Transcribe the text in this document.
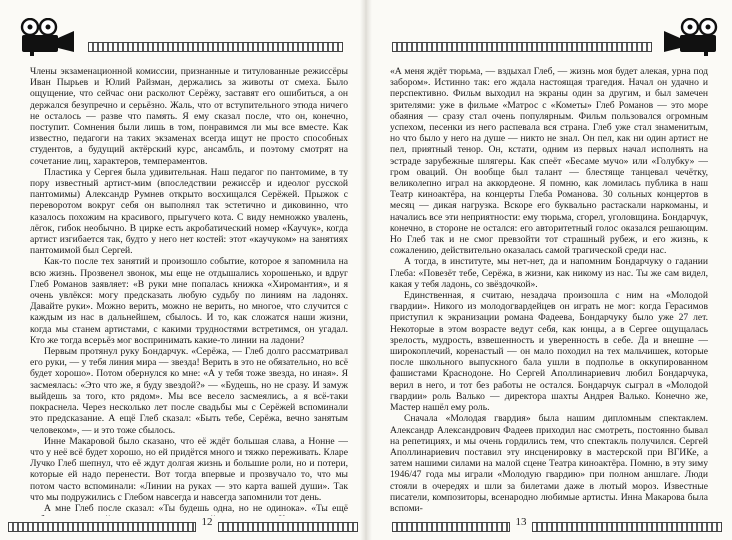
Члены экзаменационной комиссии, признанные и титулованные режиссёры Иван Пырьев и Юлий Райзман, держались за животы от смеха. Было ощущение, что сейчас они расколют Серёжу, заставят его ошибиться, а он держался безупречно и серьёзно. Жаль, что от вступительного этюда ничего не осталось — разве что память. Я ему сказал после, что он, конечно, поступит. Сомнения были лишь в том, понравимся ли мы все вместе. Как известно, педагоги на таких экзаменах всегда ищут не просто способных студентов, а будущий актёрский курс, ансамбль, и поэтому смотрят на сочетание лиц, характеров, темпераментов.

Пластика у Сергея была удивительная. Наш педагог по пантомиме, в ту пору известный артист-мим (впоследствии режиссёр и идеолог русской пантомимы) Александр Румнев открыто восхищался Серёжей. Прыжок с переворотом вокруг себя он выполнял так эстетично и диковинно, что казалось похожим на красивого, прыгучего кота. С виду немножко увалень, лёгок, гибок необычно. В цирке есть акробатический номер «Каучук», когда артист изгибается так, будто у него нет костей: этот «каучуком» на занятиях пантомимой был Сергей.

Как-то после тех занятий и произошло событие, которое я запомнила на всю жизнь. Прозвенел звонок, мы еще не отдышались хорошенько, и вдруг Глеб Романов заявляет: «В руки мне попалась книжка «Хиромантия», и я очень увлёкся: могу предсказать любую судьбу по линиям на ладонях. Давайте руки». Можно верить, можно не верить, но многое, что случится с каждым из нас в дальнейшем, сбылось. И то, как сложатся наши жизни, когда мы станем артистами, с какими трудностями встретимся, он угадал. Кто же тогда всерьёз мог воспринимать какие-то линии на ладони?

Первым протянул руку Бондарчук. «Серёжа, — Глеб долго рассматривал его руки, — у тебя линия мира — звезда! Верить в это не обязательно, но всё будет хорошо». Потом обернулся ко мне: «А у тебя тоже звезда, но иная». Я засмеялась: «Это что же, я буду звездой?» — «Будешь, но не сразу. И замуж выйдешь за того, кто рядом». Мы все весело засмеялись, а я всё-таки покраснела. Через несколько лет после свадьбы мы с Серёжей вспоминали это предсказание. А ещё Глеб сказал: «Быть тебе, Серёжа, вечно занятым человеком», — и это тоже сбылось.

Инне Макаровой было сказано, что её ждёт большая слава, а Нонне — что у неё всё будет хорошо, но ей придётся много и тяжко переживать. Кларе Лучко Глеб шепнул, что её ждут долгая жизнь и большие роли, но и потери, которые ей надо перенести. Вот тогда впервые и прозвучало то, что мы потом часто вспоминали: «Линии на руках — это карта вашей души». Так что мы подружились с Глебом навсегда и навсегда запомнили тот день.

А мне Глеб после сказал: «Ты будешь одна, но не одинока». «Ты ещё

12

«А меня ждёт тюрьма, — вздыхал Глеб, — жизнь моя будет алекая, урна под забором». Истинно так: его ждала настоящая трагедия. Начал он удачно и перспективно. Фильм выходил на экраны один за другим, и был замечен зрителями: уже в фильме «Матрос с «Кометы» Глеб Романов — это море обаяния — сразу стал очень популярным. Фильм пользовался огромным успехом, песенки из него распевала вся страна. Глеб уже стал знаменитым, но что было у него на душе — никто не знал. Он пел, как ни один артист не пел, приятный тенор. Он, кстати, одним из первых начал исполнять на эстраде зарубежные шлягеры. Как спеёт «Бесаме мучо» или «Голубку» — гром оваций. Он вообще был талант — блестяще танцевал чечётку, великолепно играл на аккордеоне. Я помню, как ломилась публика в наш Театр киноактёра, на концерты Глеба Романова. 30 сольных концертов в месяц — дикая нагрузка. Вскоре его буквально растаскали наркоманы, и начались все эти неприятности: ему тюрьма, сгорел, уголовщина. Бондарчук, конечно, в стороне не остался: его авторитетный голос оказался решающим. Но Глеб так и не смог превзойти тот страшный рубеж, и его жизнь, к сожалению, действительно оказалась самой трагической среди нас.

А тогда, в институте, мы нет-нет, да и напомним Бондарчуку о гадании Глеба: «Повезёт тебе, Серёжа, в жизни, как никому из нас. Ты же сам видел, какая у тебя ладонь, со звёздочкой».

Единственная, я считаю, незадача произошла с ним на «Молодой гвардии». Никого из молодогвардейцев он играть не мог: когда Герасимов приступил к экранизации романа Фадеева, Бондарчуку было уже 27 лет. Некоторые в этом возрасте ведут себя, как юнцы, а в Сергее ощущалась зрелость, мудрость, взвешенность и уверенность в себе. Да и внешне — широкоплечий, коренастый — он мало походил на тех мальчишек, которые после школьного выпускного бала ушли в подполье в оккупированном фашистами Краснодоне. Но Сергей Аполлинариевич любил Бондарчука, верил в него, и тот без работы не остался. Бондарчук сыграл в «Молодой гвардии» роль Валько — директора шахты Андрея Валько. Конечно же, Мастер нашёл ему роль.

Сначала «Молодая гвардия» была нашим дипломным спектаклем. Александр Александрович Фадеев приходил нас смотреть, постоянно бывал на репетициях, и мы очень гордились тем, что спектакль получился. Сергей Аполлинариевич поставил эту инсценировку в мастерской при ВГИКе, а затем нашими силами на малой сцене Театра киноактёра. Помню, в эту зиму 1946/47 года мы играли «Молодую гвардию» при полном аншлаге. Люди стояли в очередях и шли за билетами даже в лютый мороз. Известные писатели, композиторы, всенародно любимые артисты. Инна Макарова была вспоми-

13
